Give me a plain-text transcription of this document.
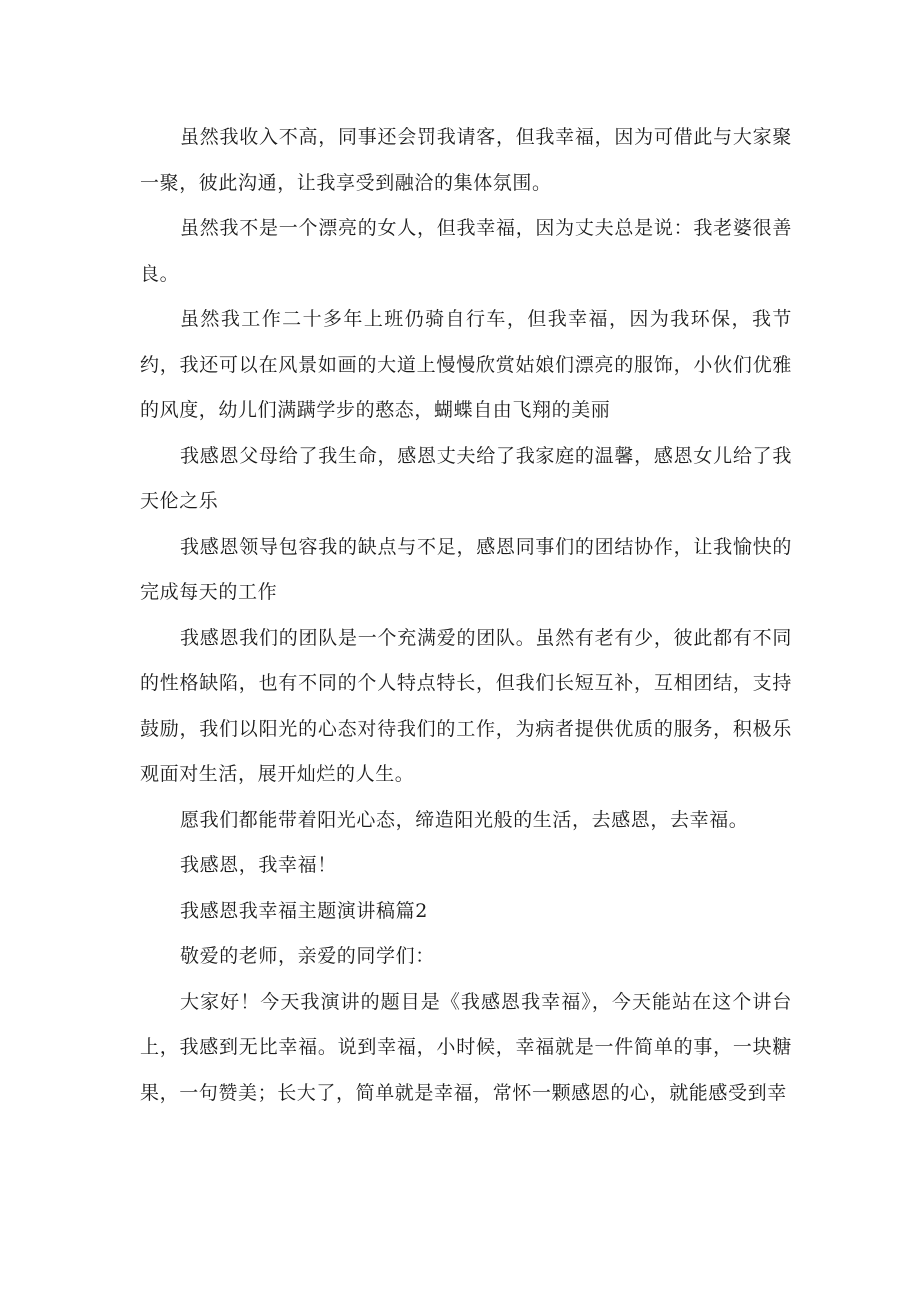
虽然我收入不高，同事还会罚我请客，但我幸福，因为可借此与大家聚一聚，彼此沟通，让我享受到融洽的集体氛围。

虽然我不是一个漂亮的女人，但我幸福，因为丈夫总是说：我老婆很善良。

虽然我工作二十多年上班仍骑自行车，但我幸福，因为我环保，我节约，我还可以在风景如画的大道上慢慢欣赏姑娘们漂亮的服饰，小伙们优雅的风度，幼儿们满蹒学步的憨态，蝴蝶自由飞翔的美丽

我感恩父母给了我生命，感恩丈夫给了我家庭的温馨，感恩女儿给了我天伦之乐

我感恩领导包容我的缺点与不足，感恩同事们的团结协作，让我愉快的完成每天的工作

我感恩我们的团队是一个充满爱的团队。虽然有老有少，彼此都有不同的性格缺陷，也有不同的个人特点特长，但我们长短互补，互相团结，支持鼓励，我们以阳光的心态对待我们的工作，为病者提供优质的服务，积极乐观面对生活，展开灿烂的人生。

愿我们都能带着阳光心态，缔造阳光般的生活，去感恩，去幸福。

我感恩，我幸福！

我感恩我幸福主题演讲稿篇2

敬爱的老师，亲爱的同学们：

大家好！今天我演讲的题目是《我感恩我幸福》，今天能站在这个讲台上，我感到无比幸福。说到幸福，小时候，幸福就是一件简单的事，一块糖果，一句赞美；长大了，简单就是幸福，常怀一颗感恩的心，就能感受到幸
